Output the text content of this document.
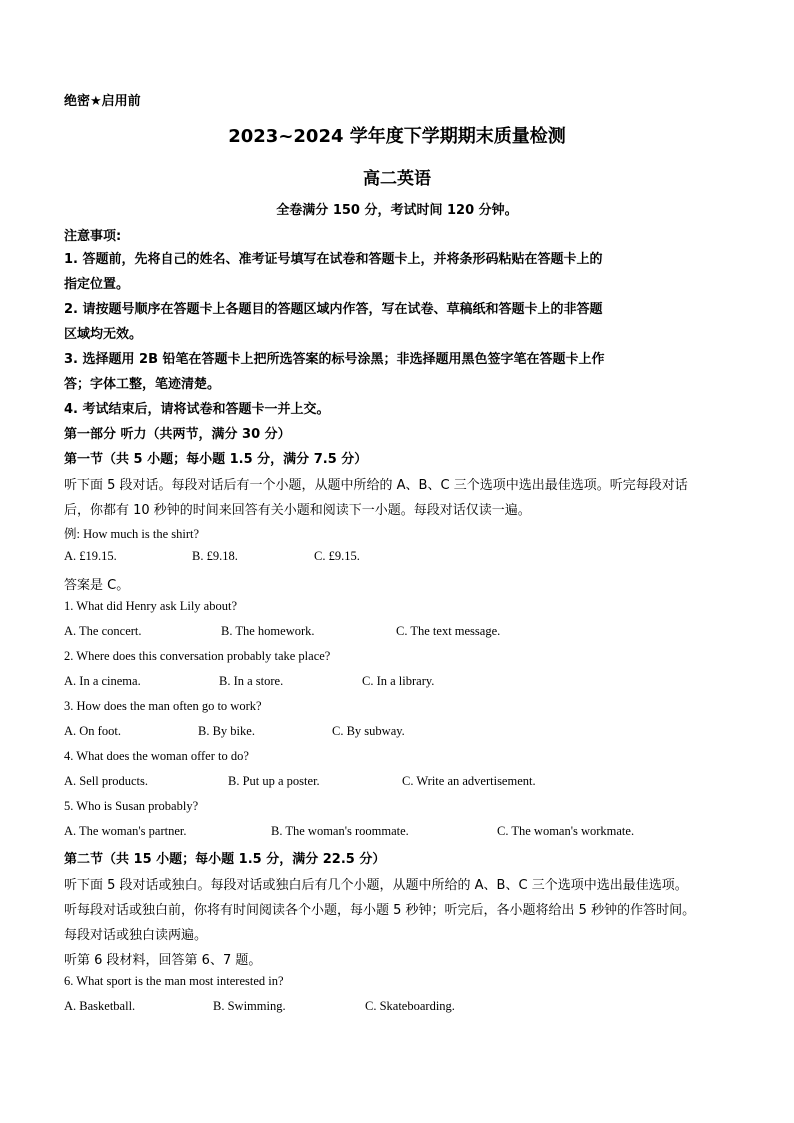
绝密★启用前
2023~2024 学年度下学期期末质量检测
高二英语
全卷满分 150 分，考试时间 120 分钟。
注意事项:
1. 答题前，先将自己的姓名、准考证号填写在试卷和答题卡上，并将条形码粘贴在答题卡上的
指定位置。
2. 请按题号顺序在答题卡上各题目的答题区域内作答，写在试卷、草稿纸和答题卡上的非答题
区域均无效。
3. 选择题用 2B 铅笔在答题卡上把所选答案的标号涂黑；非选择题用黑色签字笔在答题卡上作
答；字体工整，笔迹清楚。
4. 考试结束后，请将试卷和答题卡一并上交。
第一部分 听力（共两节，满分 30 分）
第一节（共 5 小题；每小题 1.5 分，满分 7.5 分）
听下面 5 段对话。每段对话后有一个小题，从题中所给的 A、B、C 三个选项中选出最佳选项。听完每段对话
后，你都有 10 秒钟的时间来回答有关小题和阅读下一小题。每段对话仅读一遍。
例: How much is the shirt?
A. £19.15.	B. £9.18.	C. £9.15.
答案是 C。
1. What did Henry ask Lily about?
A. The concert.	B. The homework.	C. The text message.
2. Where does this conversation probably take place?
A. In a cinema.	B. In a store.	C. In a library.
3. How does the man often go to work?
A. On foot.	B. By bike.	C. By subway.
4. What does the woman offer to do?
A. Sell products.	B. Put up a poster.	C. Write an advertisement.
5. Who is Susan probably?
A. The woman's partner.	B. The woman's roommate.	C. The woman's workmate.
第二节（共 15 小题；每小题 1.5 分，满分 22.5 分）
听下面 5 段对话或独白。每段对话或独白后有几个小题，从题中所给的 A、B、C 三个选项中选出最佳选项。
听每段对话或独白前，你将有时间阅读各个小题，每小题 5 秒钟；听完后，各小题将给出 5 秒钟的作答时间。
每段对话或独白读两遍。
听第 6 段材料，回答第 6、7 题。
6. What sport is the man most interested in?
A. Basketball.	B. Swimming.	C. Skateboarding.
